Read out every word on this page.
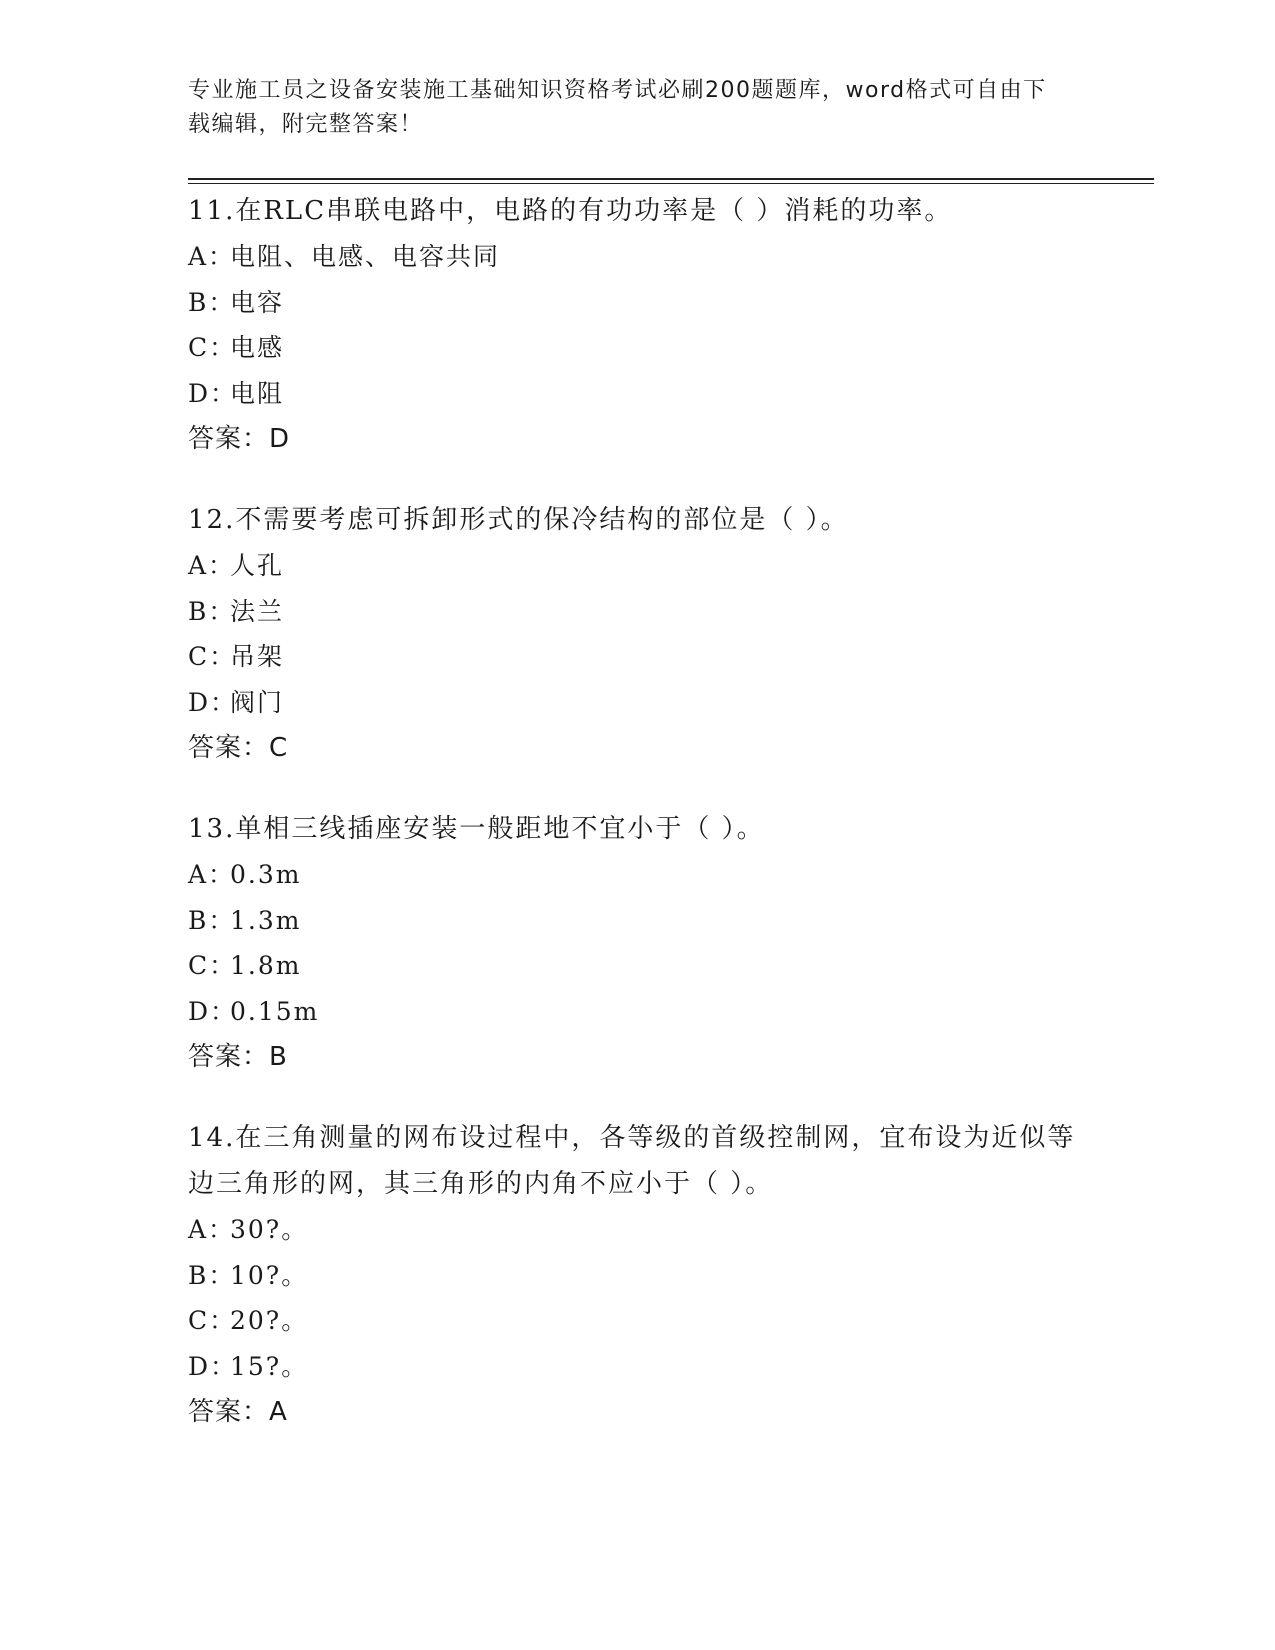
专业施工员之设备安装施工基础知识资格考试必刷200题题库，word格式可自由下载编辑，附完整答案！

11.在RLC串联电路中，电路的有功功率是（ ）消耗的功率。

A：电阻、电感、电容共同

B：电容

C：电感

D：电阻

答案：D

12.不需要考虑可拆卸形式的保冷结构的部位是（ ）。

A：人孔

B：法兰

C：吊架

D：阀门

答案：C

13.单相三线插座安装一般距地不宜小于（ ）。

A：0.3m

B：1.3m

C：1.8m

D：0.15m

答案：B

14.在三角测量的网布设过程中，各等级的首级控制网，宜布设为近似等边三角形的网，其三角形的内角不应小于（ ）。

A：30?。

B：10?。

C：20?。

D：15?。

答案：A
